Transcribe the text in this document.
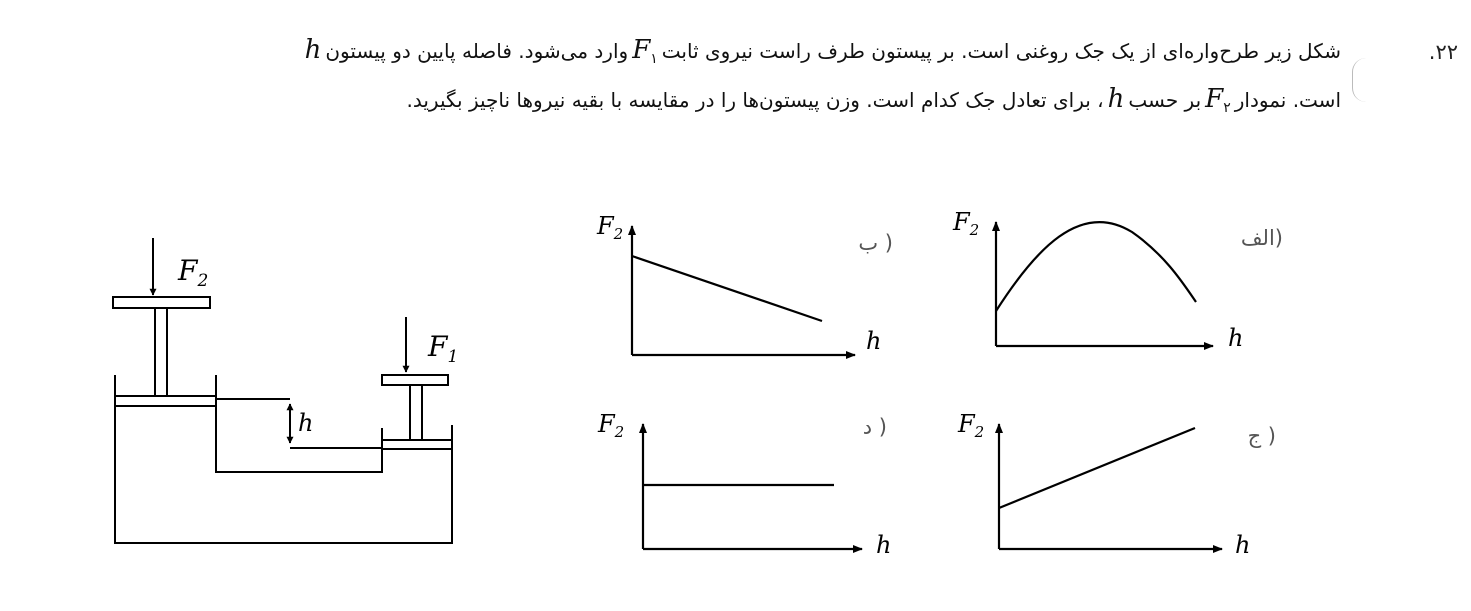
۲۲.
شکل زیر طرح‌واره‌ای از یک جک روغنی است. بر پیستون طرف راست نیروی ثابتF۱وارد می‌شود. فاصله پایین دو پیستونh
است. نمودارF۲بر حسبh، برای تعادل جک کدام است. وزن پیستون‌ها را در مقایسه با بقیه نیروها ناچیز بگیرید.
$F_2$
$F_1$
h
الف)
$F_2$
h
ب )
$F_2$
h
ج )
$F_2$
h
د )
$F_2$
h
